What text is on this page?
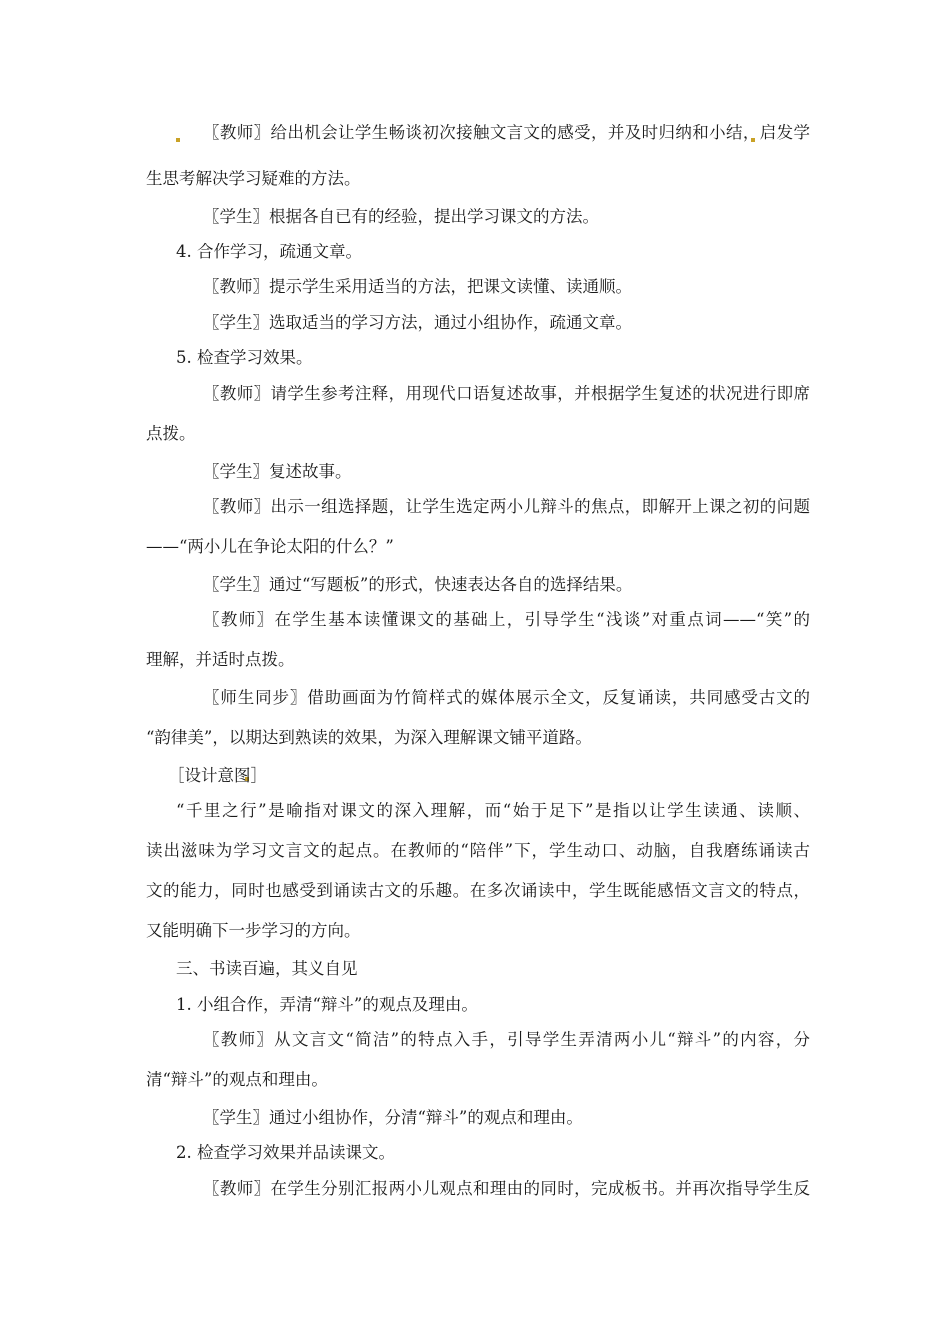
〖教师〗给出机会让学生畅谈初次接触文言文的感受，并及时归纳和小结，启发学
生思考解决学习疑难的方法。
〖学生〗根据各自已有的经验，提出学习课文的方法。
4. 合作学习，疏通文章。
〖教师〗提示学生采用适当的方法，把课文读懂、读通顺。
〖学生〗选取适当的学习方法，通过小组协作，疏通文章。
5. 检查学习效果。
〖教师〗请学生参考注释，用现代口语复述故事，并根据学生复述的状况进行即席
点拨。
〖学生〗复述故事。
〖教师〗出示一组选择题，让学生选定两小儿辩斗的焦点，即解开上课之初的问题
——“两小儿在争论太阳的什么？”
〖学生〗通过“写题板”的形式，快速表达各自的选择结果。
〖教师〗在学生基本读懂课文的基础上，引导学生“浅谈”对重点词——“笑”的
理解，并适时点拨。
〖师生同步〗借助画面为竹简样式的媒体展示全文，反复诵读，共同感受古文的
“韵律美”，以期达到熟读的效果，为深入理解课文铺平道路。
［设计意图］
“千里之行”是喻指对课文的深入理解，而“始于足下”是指以让学生读通、读顺、
读出滋味为学习文言文的起点。在教师的“陪伴”下，学生动口、动脑，自我磨练诵读古
文的能力，同时也感受到诵读古文的乐趣。在多次诵读中，学生既能感悟文言文的特点，
又能明确下一步学习的方向。
三、书读百遍，其义自见
1. 小组合作，弄清“辩斗”的观点及理由。
〖教师〗从文言文“简洁”的特点入手，引导学生弄清两小儿“辩斗”的内容，分
清“辩斗”的观点和理由。
〖学生〗通过小组协作，分清“辩斗”的观点和理由。
2. 检查学习效果并品读课文。
〖教师〗在学生分别汇报两小儿观点和理由的同时，完成板书。并再次指导学生反
